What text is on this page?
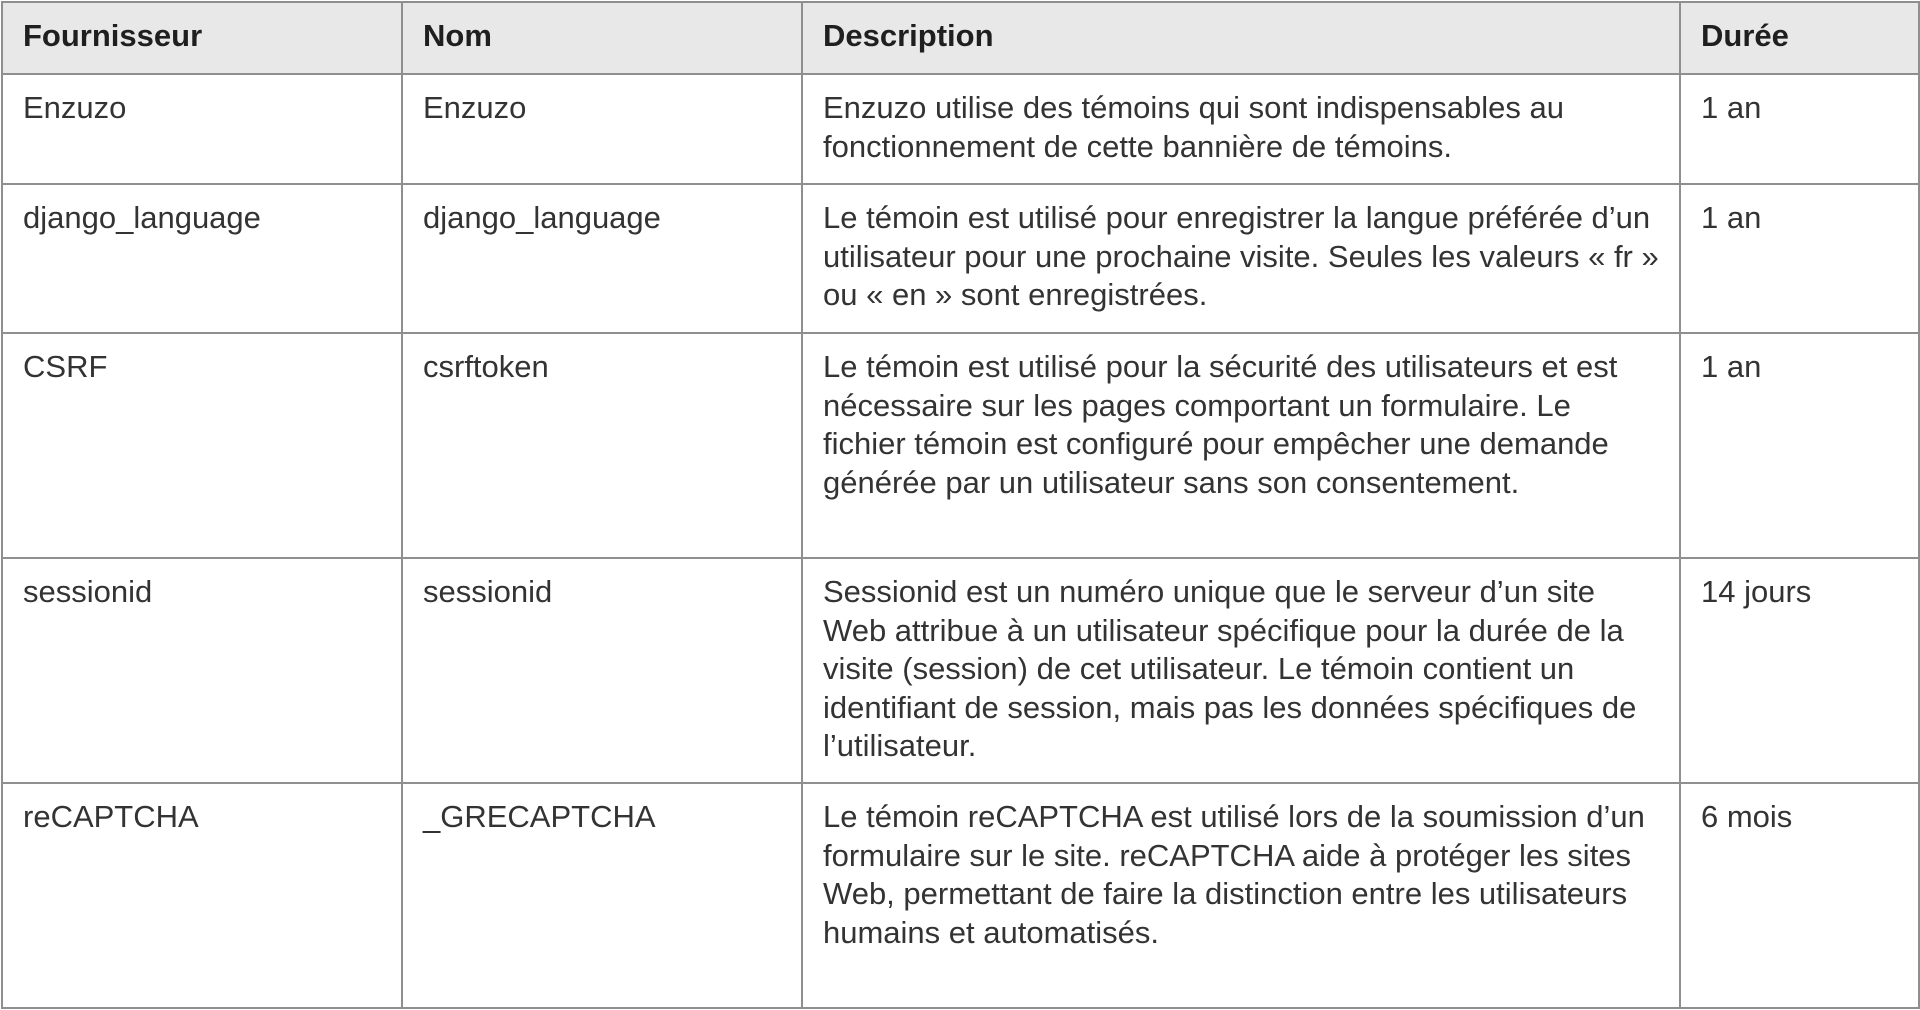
Fournisseur	Nom	Description	Durée
Enzuzo	Enzuzo	Enzuzo utilise des témoins qui sont indispensables au fonctionnement de cette bannière de témoins.	1 an
django_language	django_language	Le témoin est utilisé pour enregistrer la langue préférée d’un utilisateur pour une prochaine visite. Seules les valeurs « fr » ou « en » sont enregistrées.	1 an
CSRF	csrftoken	Le témoin est utilisé pour la sécurité des utilisateurs et est nécessaire sur les pages comportant un formulaire. Le fichier témoin est configuré pour empêcher une demande générée par un utilisateur sans son consentement.	1 an
sessionid	sessionid	Sessionid est un numéro unique que le serveur d’un site Web attribue à un utilisateur spécifique pour la durée de la visite (session) de cet utilisateur. Le témoin contient un identifiant de session, mais pas les données spécifiques de l’utilisateur.	14 jours
reCAPTCHA	_GRECAPTCHA	Le témoin reCAPTCHA est utilisé lors de la soumission d’un formulaire sur le site. reCAPTCHA aide à protéger les sites Web, permettant de faire la distinction entre les utilisateurs humains et automatisés.	6 mois
